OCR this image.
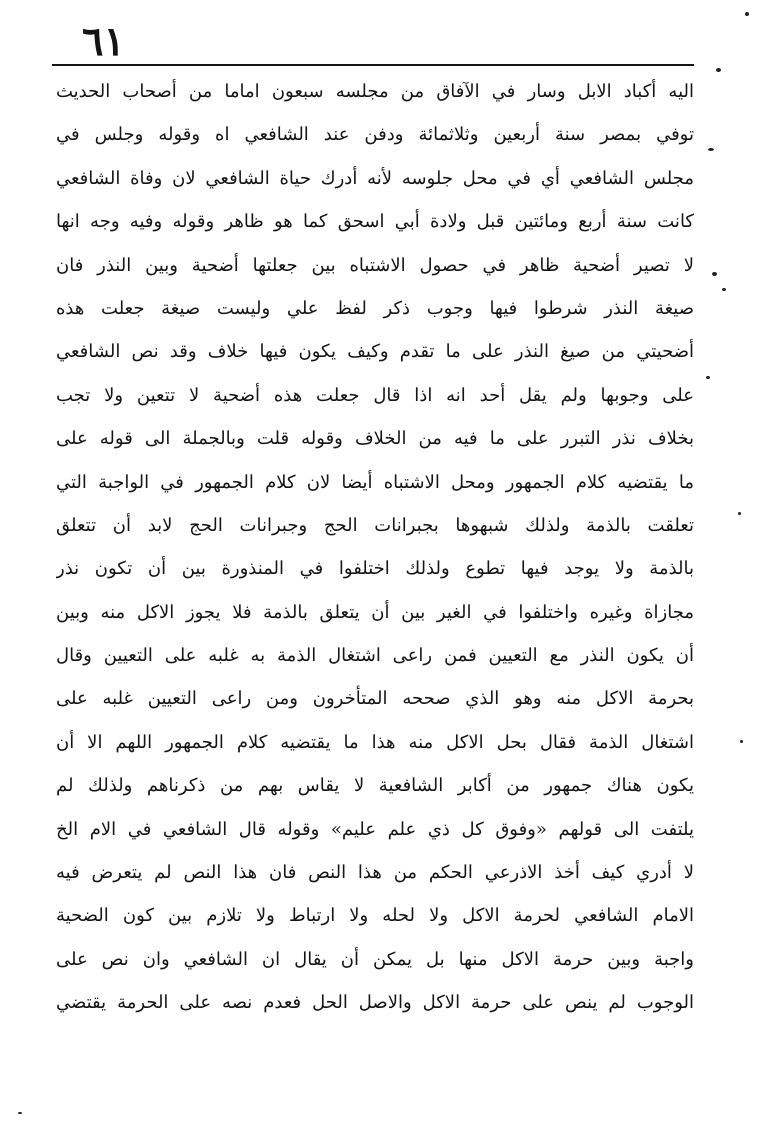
٦١
اليه أكباد الابل وسار في الآفاق من مجلسه سبعون اماما من أصحاب الحديث
توفي بمصر سنة أربعين وثلاثمائة ودفن عند الشافعي اه وقوله وجلس في
مجلس الشافعي أي في محل جلوسه لأنه أدرك حياة الشافعي لان وفاة الشافعي
كانت سنة أربع ومائتين قبل ولادة أبي اسحق كما هو ظاهر وقوله وفيه وجه انها
لا تصير أضحية ظاهر في حصول الاشتباه بين جعلتها أضحية وبين النذر فان
صيغة النذر شرطوا فيها وجوب ذكر لفظ علي وليست صيغة جعلت هذه
أضحيتي من صيغ النذر على ما تقدم وكيف يكون فيها خلاف وقد نص الشافعي
على وجوبها ولم يقل أحد انه اذا قال جعلت هذه أضحية لا تتعين ولا تجب
بخلاف نذر التبرر على ما فيه من الخلاف وقوله قلت وبالجملة الى قوله على
ما يقتضيه كلام الجمهور ومحل الاشتباه أيضا لان كلام الجمهور في الواجبة التي
تعلقت بالذمة ولذلك شبهوها بجبرانات الحج وجبرانات الحج لابد أن تتعلق
بالذمة ولا يوجد فيها تطوع ولذلك اختلفوا في المنذورة بين أن تكون نذر
مجازاة وغيره واختلفوا في الغير بين أن يتعلق بالذمة فلا يجوز الاكل منه وبين
أن يكون النذر مع التعيين فمن راعى اشتغال الذمة به غلبه على التعيين وقال
بحرمة الاكل منه وهو الذي صححه المتأخرون ومن راعى التعيين غلبه على
اشتغال الذمة فقال بحل الاكل منه هذا ما يقتضيه كلام الجمهور اللهم الا أن
يكون هناك جمهور من أكابر الشافعية لا يقاس بهم من ذكرناهم ولذلك لم
يلتفت الى قولهم «وفوق كل ذي علم عليم» وقوله قال الشافعي في الام الخ
لا أدري كيف أخذ الاذرعي الحكم من هذا النص فان هذا النص لم يتعرض فيه
الامام الشافعي لحرمة الاكل ولا لحله ولا ارتباط ولا تلازم بين كون الضحية
واجبة وبين حرمة الاكل منها بل يمكن أن يقال ان الشافعي وان نص على
الوجوب لم ينص على حرمة الاكل والاصل الحل فعدم نصه على الحرمة يقتضي
